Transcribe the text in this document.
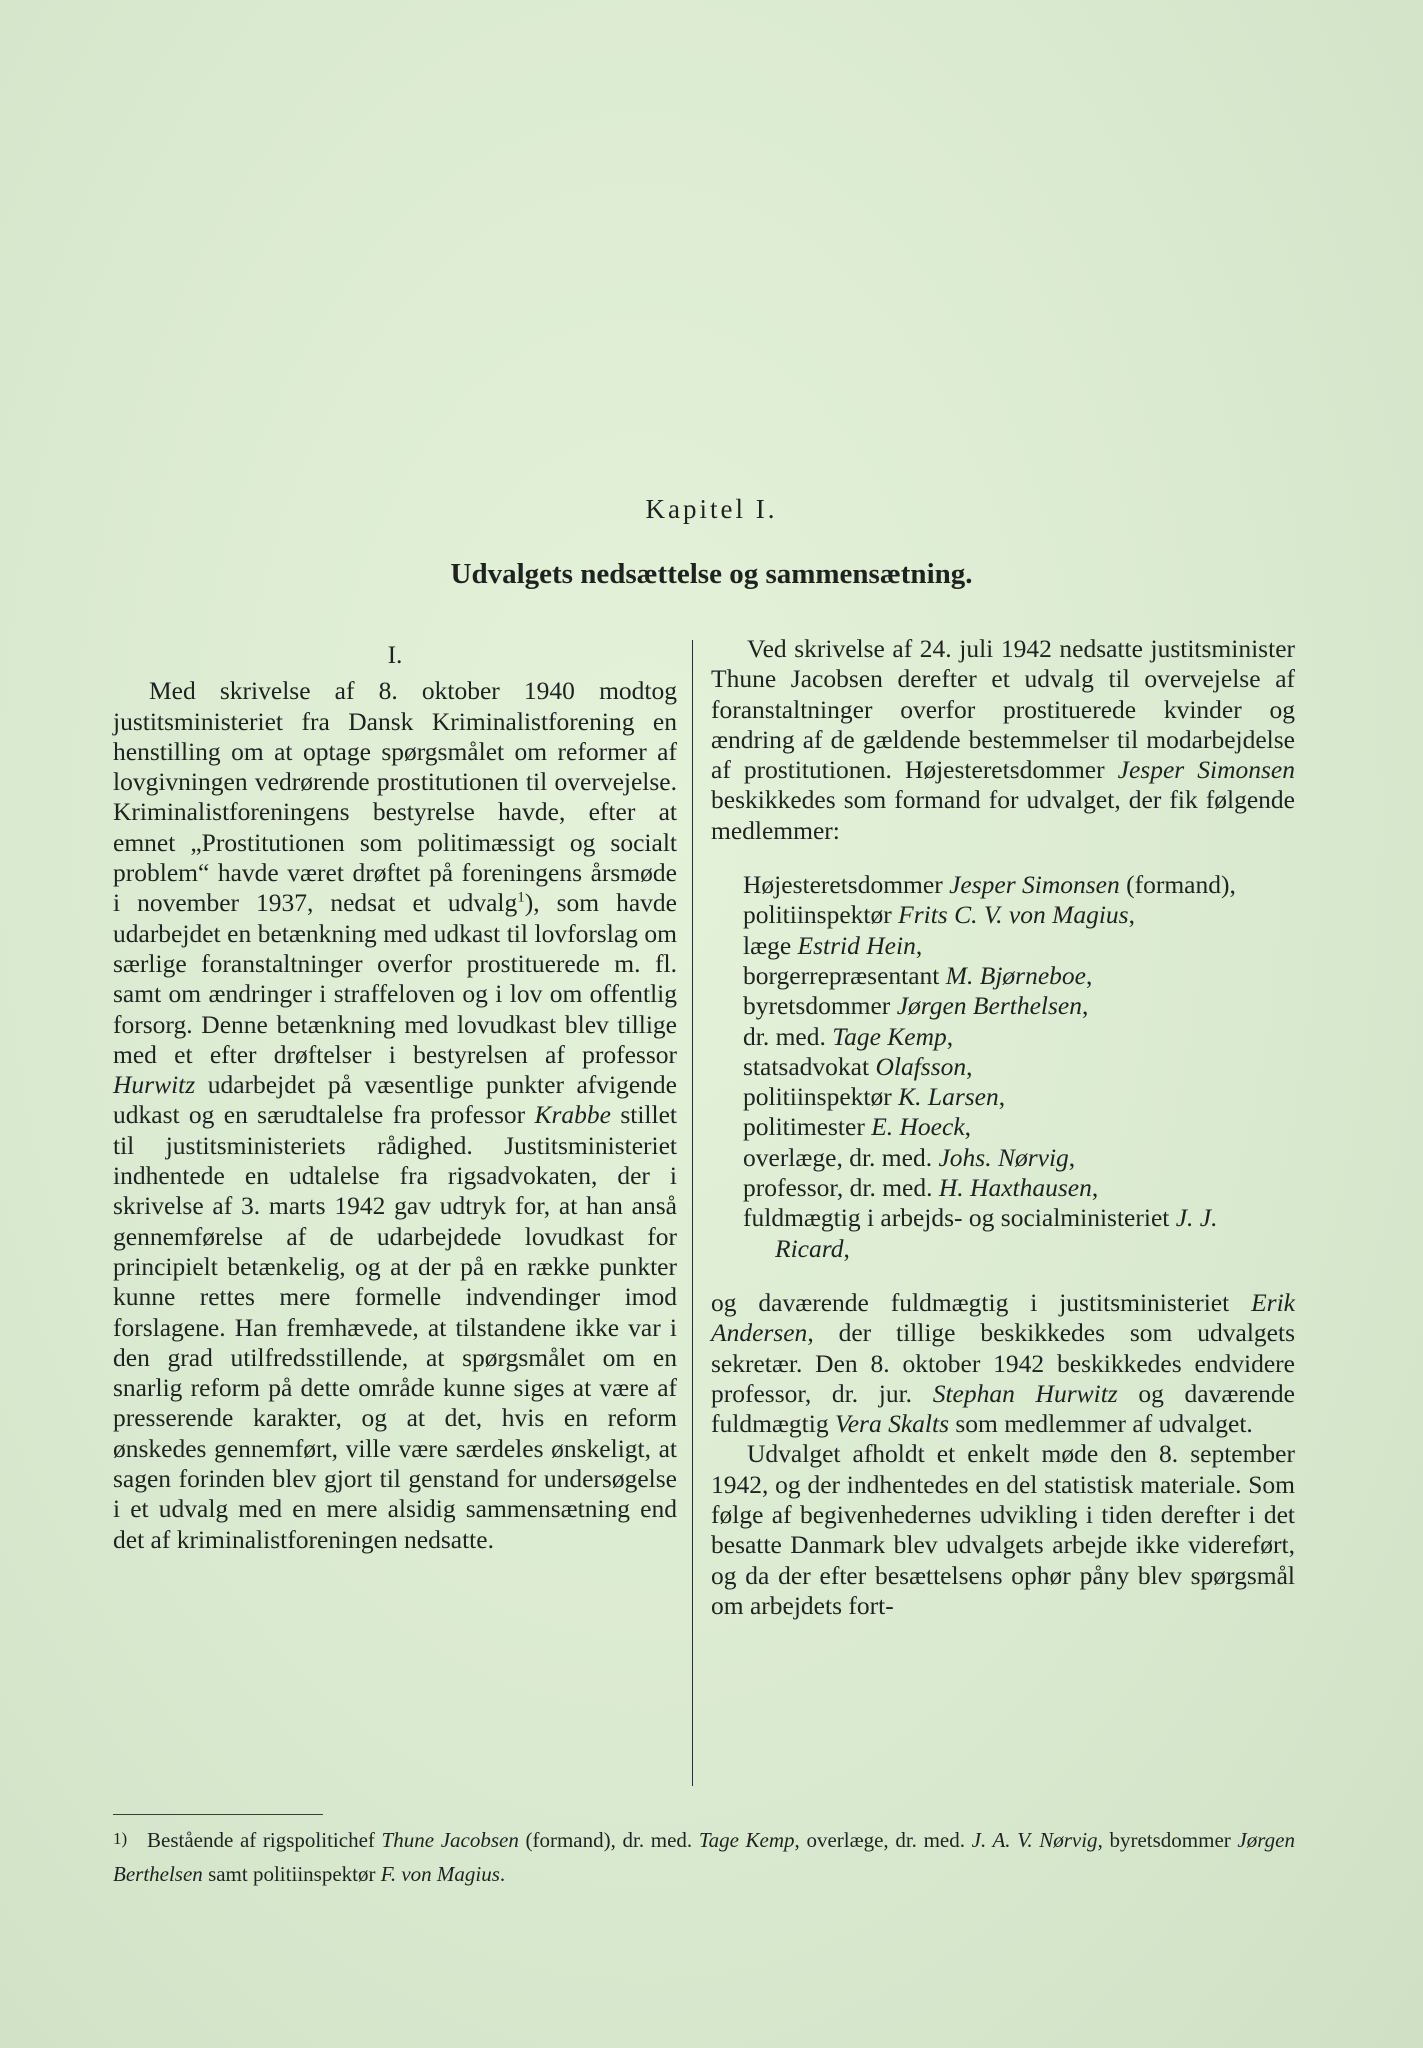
Kapitel I.
Udvalgets nedsættelse og sammensætning.
I.

Med skrivelse af 8. oktober 1940 modtog justitsministeriet fra Dansk Kriminalistforening en henstilling om at optage spørgsmålet om reformer af lovgivningen vedrørende prostitutionen til overvejelse. Kriminalistforeningens bestyrelse havde, efter at emnet „Prostitutionen som politimæssigt og socialt problem“ havde været drøftet på foreningens årsmøde i november 1937, nedsat et udvalg$^1$), som havde udarbejdet en betænkning med udkast til lovforslag om særlige foranstaltninger overfor prostituerede m. fl. samt om ændringer i straffeloven og i lov om offentlig forsorg. Denne betænkning med lovudkast blev tillige med et efter drøftelser i bestyrelsen af professor Hurwitz udarbejdet på væsentlige punkter afvigende udkast og en særudtalelse fra professor Krabbe stillet til justitsministeriets rådighed. Justitsministeriet indhentede en udtalelse fra rigsadvokaten, der i skrivelse af 3. marts 1942 gav udtryk for, at han anså gennemførelse af de udarbejdede lovudkast for principielt betænkelig, og at der på en række punkter kunne rettes mere formelle indvendinger imod forslagene. Han fremhævede, at tilstandene ikke var i den grad utilfredsstillende, at spørgsmålet om en snarlig reform på dette område kunne siges at være af presserende karakter, og at det, hvis en reform ønskedes gennemført, ville være særdeles ønskeligt, at sagen forinden blev gjort til genstand for undersøgelse i et udvalg med en mere alsidig sammensætning end det af kriminalistforeningen nedsatte.

Ved skrivelse af 24. juli 1942 nedsatte justitsminister Thune Jacobsen derefter et udvalg til overvejelse af foranstaltninger overfor prostituerede kvinder og ændring af de gældende bestemmelser til modarbejdelse af prostitutionen. Højesteretsdommer Jesper Simonsen beskikkedes som formand for udvalget, der fik følgende medlemmer:

Højesteretsdommer Jesper Simonsen (formand),
politiinspektør Frits C. V. von Magius,
læge Estrid Hein,
borgerrepræsentant M. Bjørneboe,
byretsdommer Jørgen Berthelsen,
dr. med. Tage Kemp,
statsadvokat Olafsson,
politiinspektør K. Larsen,
politimester E. Hoeck,
overlæge, dr. med. Johs. Nørvig,
professor, dr. med. H. Haxthausen,
fuldmægtig i arbejds- og socialministeriet J. J. Ricard,

og daværende fuldmægtig i justitsministeriet Erik Andersen, der tillige beskikkedes som udvalgets sekretær. Den 8. oktober 1942 beskikkedes endvidere professor, dr. jur. Stephan Hurwitz og daværende fuldmægtig Vera Skalts som medlemmer af udvalget.

Udvalget afholdt et enkelt møde den 8. september 1942, og der indhentedes en del statistisk materiale. Som følge af begivenhedernes udvikling i tiden derefter i det besatte Danmark blev udvalgets arbejde ikke videreført, og da der efter besættelsens ophør påny blev spørgsmål om arbejdets fort-

1) Bestående af rigspolitichef Thune Jacobsen (formand), dr. med. Tage Kemp, overlæge, dr. med. J. A. V. Nørvig, byretsdommer Jørgen Berthelsen samt politiinspektør F. von Magius.
